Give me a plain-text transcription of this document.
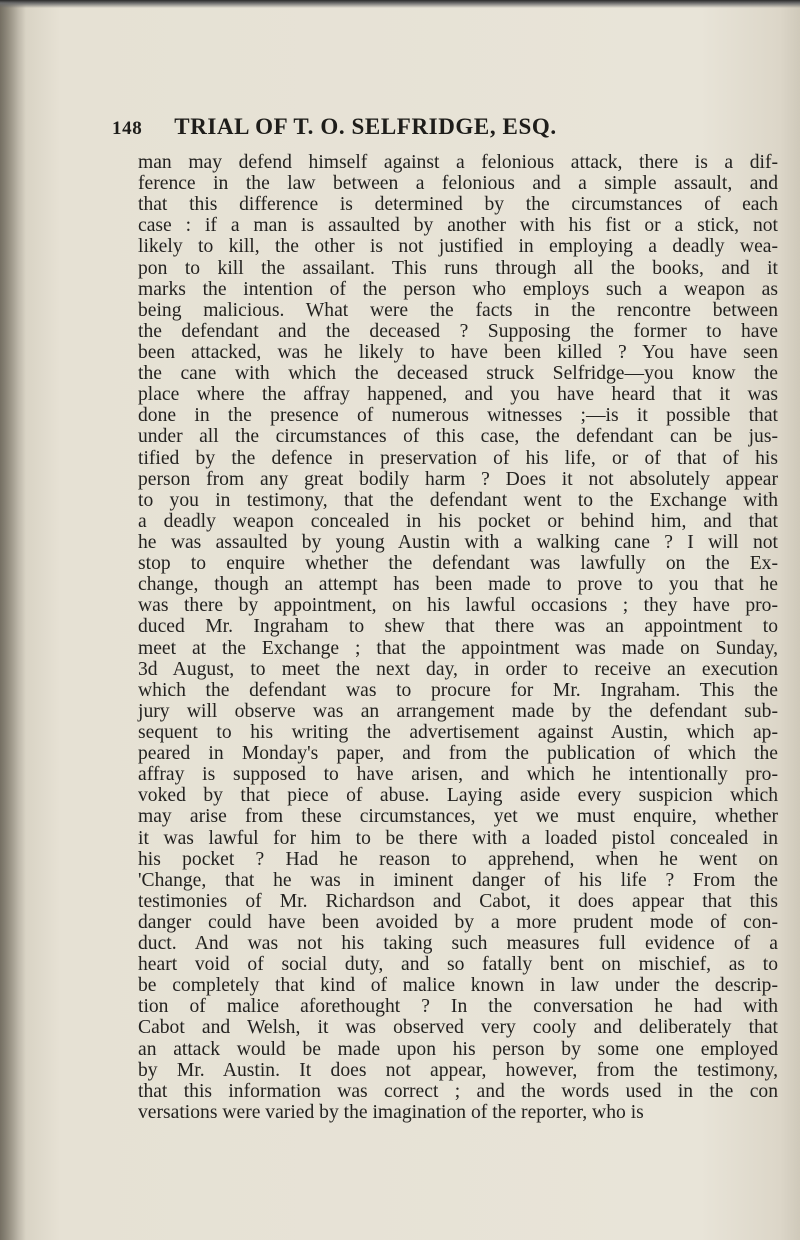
148 TRIAL OF T. O. SELFRIDGE, ESQ.
man may defend himself against a felonious attack, there is a dif-
ference in the law between a felonious and a simple assault, and
that this difference is determined by the circumstances of each
case : if a man is assaulted by another with his fist or a stick, not
likely to kill, the other is not justified in employing a deadly wea-
pon to kill the assailant. This runs through all the books, and it
marks the intention of the person who employs such a weapon as
being malicious. What were the facts in the rencontre between
the defendant and the deceased ? Supposing the former to have
been attacked, was he likely to have been killed ? You have seen
the cane with which the deceased struck Selfridge—you know the
place where the affray happened, and you have heard that it was
done in the presence of numerous witnesses ;—is it possible that
under all the circumstances of this case, the defendant can be jus-
tified by the defence in preservation of his life, or of that of his
person from any great bodily harm ? Does it not absolutely appear
to you in testimony, that the defendant went to the Exchange with
a deadly weapon concealed in his pocket or behind him, and that
he was assaulted by young Austin with a walking cane ? I will not
stop to enquire whether the defendant was lawfully on the Ex-
change, though an attempt has been made to prove to you that he
was there by appointment, on his lawful occasions ; they have pro-
duced Mr. Ingraham to shew that there was an appointment to
meet at the Exchange ; that the appointment was made on Sunday,
3d August, to meet the next day, in order to receive an execution
which the defendant was to procure for Mr. Ingraham. This the
jury will observe was an arrangement made by the defendant sub-
sequent to his writing the advertisement against Austin, which ap-
peared in Monday's paper, and from the publication of which the
affray is supposed to have arisen, and which he intentionally pro-
voked by that piece of abuse. Laying aside every suspicion which
may arise from these circumstances, yet we must enquire, whether
it was lawful for him to be there with a loaded pistol concealed in
his pocket ? Had he reason to apprehend, when he went on
'Change, that he was in iminent danger of his life ? From the
testimonies of Mr. Richardson and Cabot, it does appear that this
danger could have been avoided by a more prudent mode of con-
duct. And was not his taking such measures full evidence of a
heart void of social duty, and so fatally bent on mischief, as to
be completely that kind of malice known in law under the descrip-
tion of malice aforethought ? In the conversation he had with
Cabot and Welsh, it was observed very cooly and deliberately that
an attack would be made upon his person by some one employed
by Mr. Austin. It does not appear, however, from the testimony,
that this information was correct ; and the words used in the con
versations were varied by the imagination of the reporter, who is
